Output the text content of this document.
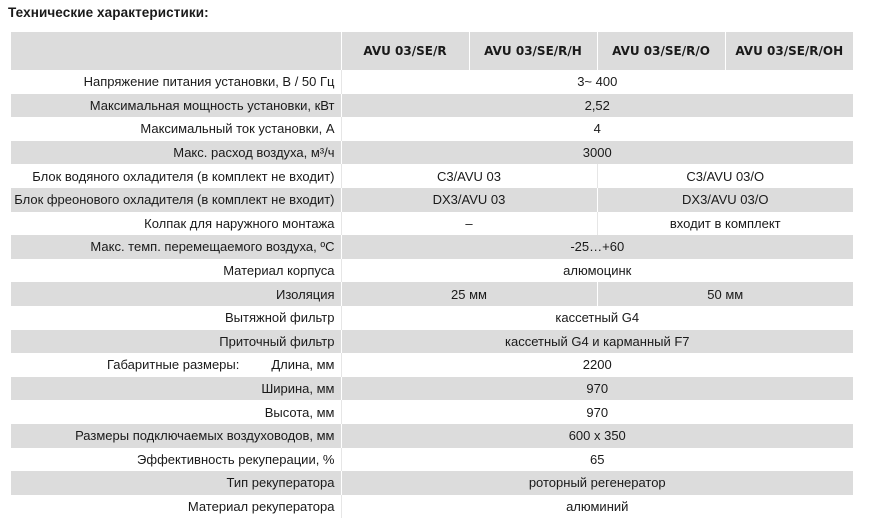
Технические характеристики:
	AVU 03/SE/R	AVU 03/SE/R/H	AVU 03/SE/R/O	AVU 03/SE/R/OH
Напряжение питания установки, В / 50 Гц	3~ 400			
Максимальная мощность установки, кВт	2,52			
Максимальный ток установки, А	4			
Макс. расход воздуха, м³/ч	3000			
Блок водяного охладителя (в комплект не входит)	C3/AVU 03		C3/AVU 03/O	
Блок фреонового охладителя (в комплект не входит)	DX3/AVU 03		DX3/AVU 03/O	
Колпак для наружного монтажа	–		входит в комплект	
Макс. темп. перемещаемого воздуха, ºС	-25…+60			
Материал корпуса	алюмоцинк			
Изоляция	25 мм		50 мм	
Вытяжной фильтр	кассетный G4			
Приточный фильтр	кассетный G4 и карманный F7			

Габаритные размеры: Длина, мм	2200			
Ширина, мм	970			
Высота, мм	970			
Размеры подключаемых воздуховодов, мм	600 x 350			
Эффективность рекуперации, %	65			
Тип рекуператора	роторный регенератор			
Материал рекуператора	алюминий			
